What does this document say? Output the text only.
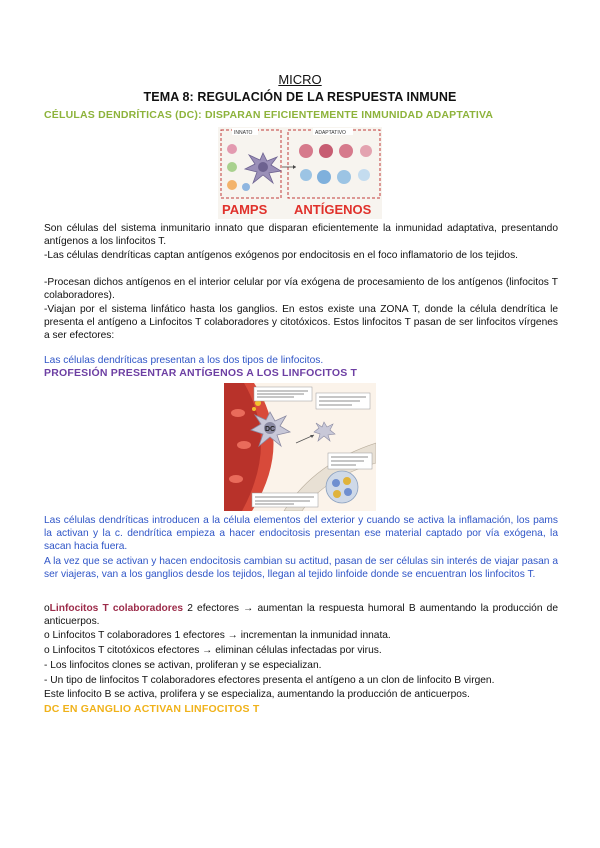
MICRO
TEMA 8: REGULACIÓN DE LA RESPUESTA INMUNE
CÉLULAS DENDRÍTICAS (DC): DISPARAN EFICIENTEMENTE INMUNIDAD ADAPTATIVA
INNATO	ADAPTATIVO
PAMPS ANTÍGENOS
Son células del sistema inmunitario innato que disparan eficientemente la inmunidad adaptativa, presentando antígenos a los linfocitos T.
-Las células dendríticas captan antígenos exógenos por endocitosis en el foco inflamatorio de los tejidos.
-Procesan dichos antígenos en el interior celular por vía exógena de procesamiento de los antígenos (linfocitos T colaboradores).
-Viajan por el sistema linfático hasta los ganglios. En estos existe una ZONA T, donde la célula dendrítica le presenta el antígeno a Linfocitos T colaboradores y citotóxicos. Estos linfocitos T pasan de ser linfocitos vírgenes a ser efectores:
Las células dendríticas presentan a los dos tipos de linfocitos.
PROFESIÓN PRESENTAR ANTÍGENOS A LOS LINFOCITOS T
DC
Las células dendríticas introducen a la célula elementos del exterior y cuando se activa la inflamación, los pams la activan y la c. dendrítica empieza a hacer endocitosis presentan ese material captado por vía exógena, la sacan hacia fuera.
A la vez que se activan y hacen endocitosis cambian su actitud, pasan de ser células sin interés de viajar pasan a ser viajeras, van a los ganglios desde los tejidos, llegan al tejido linfoide donde se encuentran los linfocitos T.
oLinfocitos T colaboradores 2 efectores → aumentan la respuesta humoral B aumentando la producción de anticuerpos.
o Linfocitos T colaboradores 1 efectores → incrementan la inmunidad innata.
o Linfocitos T citotóxicos efectores → eliminan células infectadas por virus.
- Los linfocitos clones se activan, proliferan y se especializan.
- Un tipo de linfocitos T colaboradores efectores presenta el antígeno a un clon de linfocito B virgen.
Este linfocito B se activa, prolifera y se especializa, aumentando la producción de anticuerpos.
DC EN GANGLIO ACTIVAN LINFOCITOS T
